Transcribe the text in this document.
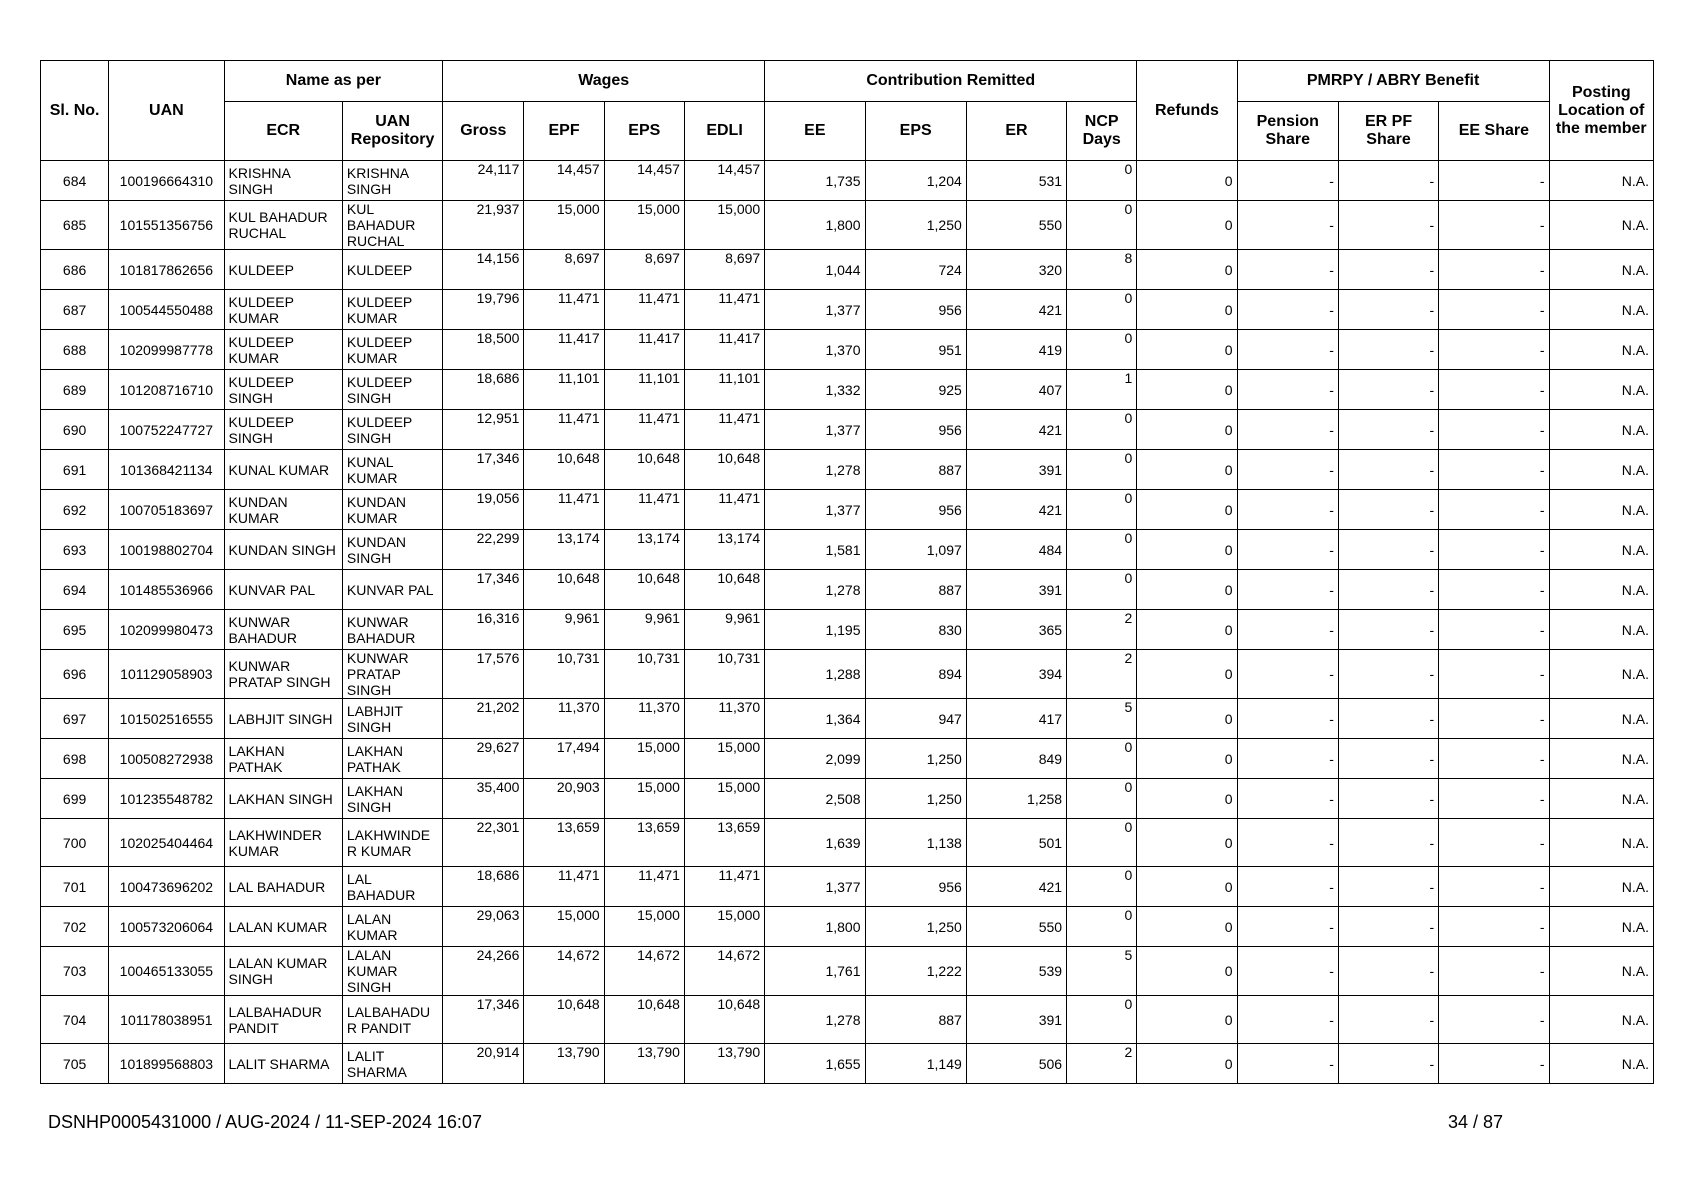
Sl. No.	UAN	Name as per		Wages				Contribution Remitted				Refunds	PMRPY / ABRY Benefit			Posting Location of the member
		ECR	UAN Repository	Gross	EPF	EPS	EDLI	EE	EPS	ER	NCP Days		Pension Share	ER PF Share	EE Share	
684	100196664310	KRISHNA SINGH	KRISHNA SINGH	24,117	14,457	14,457	14,457	1,735	1,204	531	0	0	-	-	-	N.A.
685	101551356756	KUL BAHADUR RUCHAL	KUL BAHADUR RUCHAL	21,937	15,000	15,000	15,000	1,800	1,250	550	0	0	-	-	-	N.A.
686	101817862656	KULDEEP	KULDEEP	14,156	8,697	8,697	8,697	1,044	724	320	8	0	-	-	-	N.A.
687	100544550488	KULDEEP KUMAR	KULDEEP KUMAR	19,796	11,471	11,471	11,471	1,377	956	421	0	0	-	-	-	N.A.
688	102099987778	KULDEEP KUMAR	KULDEEP KUMAR	18,500	11,417	11,417	11,417	1,370	951	419	0	0	-	-	-	N.A.
689	101208716710	KULDEEP SINGH	KULDEEP SINGH	18,686	11,101	11,101	11,101	1,332	925	407	1	0	-	-	-	N.A.
690	100752247727	KULDEEP SINGH	KULDEEP SINGH	12,951	11,471	11,471	11,471	1,377	956	421	0	0	-	-	-	N.A.
691	101368421134	KUNAL KUMAR	KUNAL KUMAR	17,346	10,648	10,648	10,648	1,278	887	391	0	0	-	-	-	N.A.
692	100705183697	KUNDAN KUMAR	KUNDAN KUMAR	19,056	11,471	11,471	11,471	1,377	956	421	0	0	-	-	-	N.A.
693	100198802704	KUNDAN SINGH	KUNDAN SINGH	22,299	13,174	13,174	13,174	1,581	1,097	484	0	0	-	-	-	N.A.
694	101485536966	KUNVAR PAL	KUNVAR PAL	17,346	10,648	10,648	10,648	1,278	887	391	0	0	-	-	-	N.A.
695	102099980473	KUNWAR BAHADUR	KUNWAR BAHADUR	16,316	9,961	9,961	9,961	1,195	830	365	2	0	-	-	-	N.A.
696	101129058903	KUNWAR PRATAP SINGH	KUNWAR PRATAP SINGH	17,576	10,731	10,731	10,731	1,288	894	394	2	0	-	-	-	N.A.
697	101502516555	LABHJIT SINGH	LABHJIT SINGH	21,202	11,370	11,370	11,370	1,364	947	417	5	0	-	-	-	N.A.
698	100508272938	LAKHAN PATHAK	LAKHAN PATHAK	29,627	17,494	15,000	15,000	2,099	1,250	849	0	0	-	-	-	N.A.
699	101235548782	LAKHAN SINGH	LAKHAN SINGH	35,400	20,903	15,000	15,000	2,508	1,250	1,258	0	0	-	-	-	N.A.
700	102025404464	LAKHWINDER KUMAR	LAKHWINDE R KUMAR	22,301	13,659	13,659	13,659	1,639	1,138	501	0	0	-	-	-	N.A.
701	100473696202	LAL BAHADUR	LAL BAHADUR	18,686	11,471	11,471	11,471	1,377	956	421	0	0	-	-	-	N.A.
702	100573206064	LALAN KUMAR	LALAN KUMAR	29,063	15,000	15,000	15,000	1,800	1,250	550	0	0	-	-	-	N.A.
703	100465133055	LALAN KUMAR SINGH	LALAN KUMAR SINGH	24,266	14,672	14,672	14,672	1,761	1,222	539	5	0	-	-	-	N.A.
704	101178038951	LALBAHADUR PANDIT	LALBAHADU R PANDIT	17,346	10,648	10,648	10,648	1,278	887	391	0	0	-	-	-	N.A.
705	101899568803	LALIT SHARMA	LALIT SHARMA	20,914	13,790	13,790	13,790	1,655	1,149	506	2	0	-	-	-	N.A.
DSNHP0005431000 / AUG-2024 / 11-SEP-2024 16:07	34 / 87
